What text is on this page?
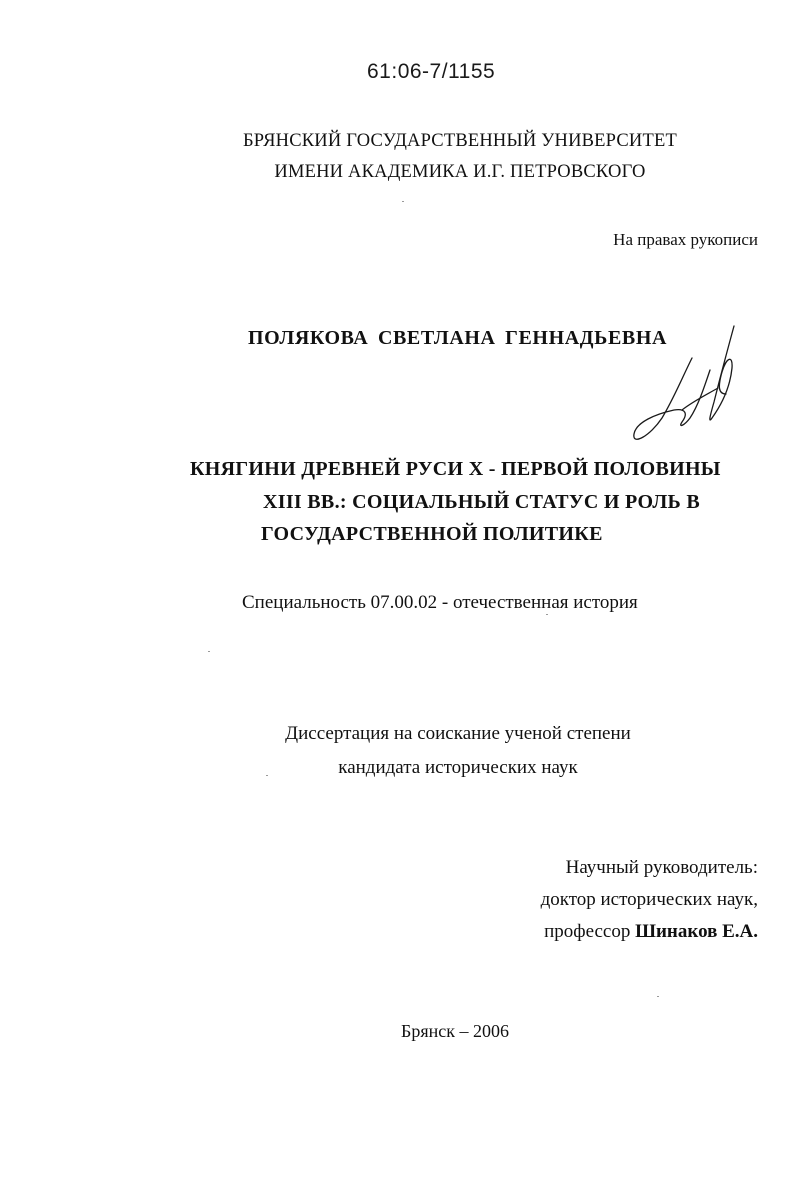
61:06-7/1155
БРЯНСКИЙ ГОСУДАРСТВЕННЫЙ УНИВЕРСИТЕТ
ИМЕНИ АКАДЕМИКА И.Г. ПЕТРОВСКОГО
На правах рукописи
ПОЛЯКОВА СВЕТЛАНА ГЕННАДЬЕВНА
КНЯГИНИ ДРЕВНЕЙ РУСИ X - ПЕРВОЙ ПОЛОВИНЫ
XIII ВВ.: СОЦИАЛЬНЫЙ СТАТУС И РОЛЬ В
ГОСУДАРСТВЕННОЙ ПОЛИТИКЕ
Специальность 07.00.02 - отечественная история
Диссертация на соискание ученой степени
кандидата исторических наук
Научный руководитель:
доктор исторических наук,
профессор Шинаков Е.А.
Брянск – 2006
